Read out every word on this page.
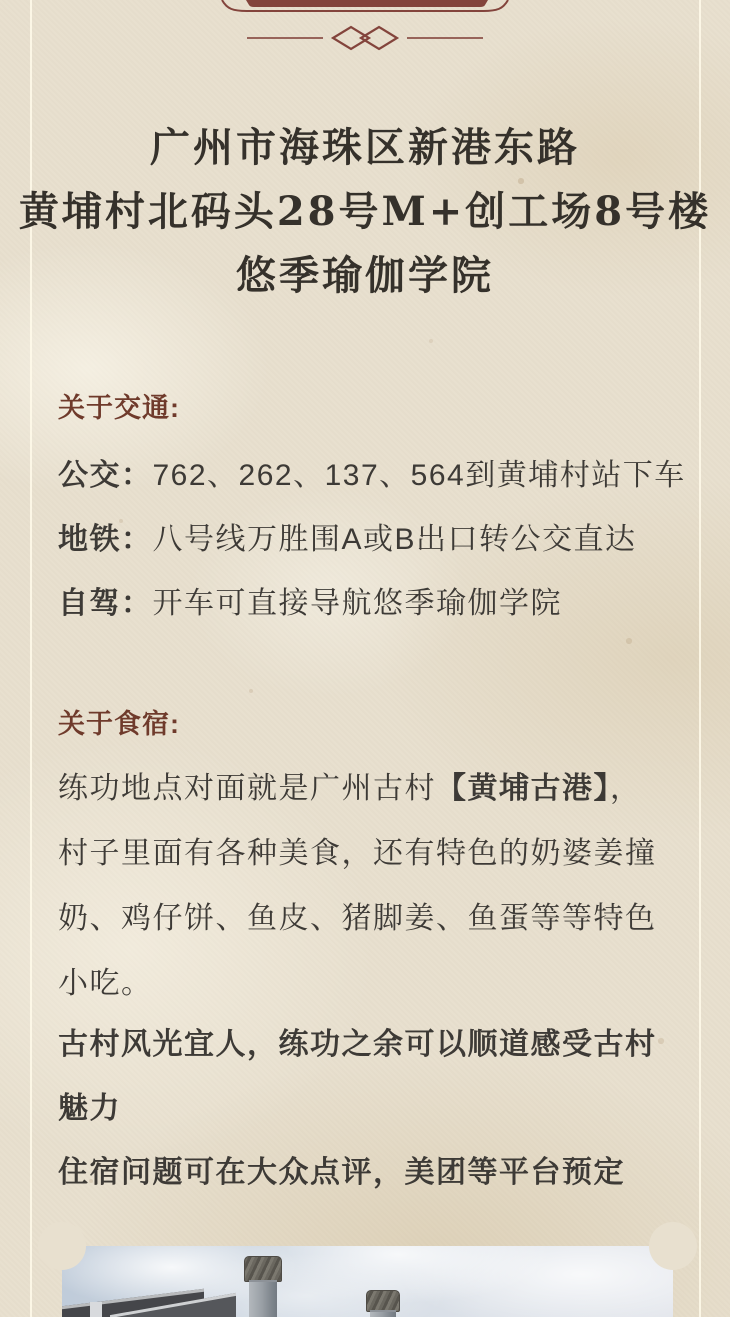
广州市海珠区新港东路
黄埔村北码头28号M+创工场8号楼
悠季瑜伽学院
关于交通:
公交：762、262、137、564到黄埔村站下车
地铁：八号线万胜围A或B出口转公交直达
自驾：开车可直接导航悠季瑜伽学院
关于食宿:
练功地点对面就是广州古村【黄埔古港】，
村子里面有各种美食，还有特色的奶婆姜撞
奶、鸡仔饼、鱼皮、猪脚姜、鱼蛋等等特色
小吃。
古村风光宜人，练功之余可以顺道感受古村
魅力
住宿问题可在大众点评，美团等平台预定
